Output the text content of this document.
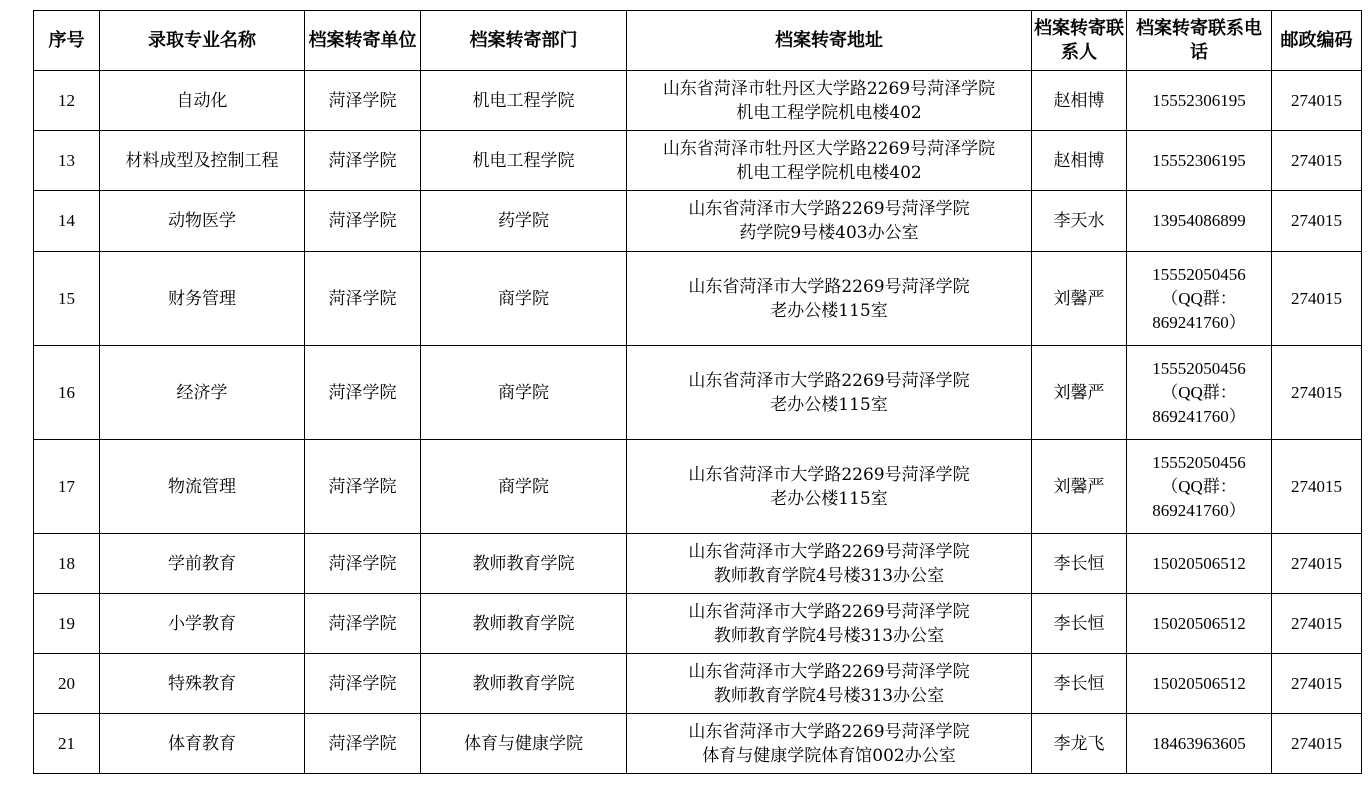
序号	录取专业名称	档案转寄单位	档案转寄部门	档案转寄地址	档案转寄联系人	档案转寄联系电话	邮政编码
12	自动化	菏泽学院	机电工程学院	山东省菏泽市牡丹区大学路2269号菏泽学院
机电工程学院机电楼402	赵相博	15552306195	274015
13	材料成型及控制工程	菏泽学院	机电工程学院	山东省菏泽市牡丹区大学路2269号菏泽学院
机电工程学院机电楼402	赵相博	15552306195	274015
14	动物医学	菏泽学院	药学院	山东省菏泽市大学路2269号菏泽学院
药学院9号楼403办公室	李天水	13954086899	274015
15	财务管理	菏泽学院	商学院	山东省菏泽市大学路2269号菏泽学院
老办公楼115室	刘馨严	15552050456
（QQ群：
869241760）	274015
16	经济学	菏泽学院	商学院	山东省菏泽市大学路2269号菏泽学院
老办公楼115室	刘馨严	15552050456
（QQ群：
869241760）	274015
17	物流管理	菏泽学院	商学院	山东省菏泽市大学路2269号菏泽学院
老办公楼115室	刘馨严	15552050456
（QQ群：
869241760）	274015
18	学前教育	菏泽学院	教师教育学院	山东省菏泽市大学路2269号菏泽学院
教师教育学院4号楼313办公室	李长恒	15020506512	274015
19	小学教育	菏泽学院	教师教育学院	山东省菏泽市大学路2269号菏泽学院
教师教育学院4号楼313办公室	李长恒	15020506512	274015
20	特殊教育	菏泽学院	教师教育学院	山东省菏泽市大学路2269号菏泽学院
教师教育学院4号楼313办公室	李长恒	15020506512	274015
21	体育教育	菏泽学院	体育与健康学院	山东省菏泽市大学路2269号菏泽学院
体育与健康学院体育馆002办公室	李龙飞	18463963605	274015
